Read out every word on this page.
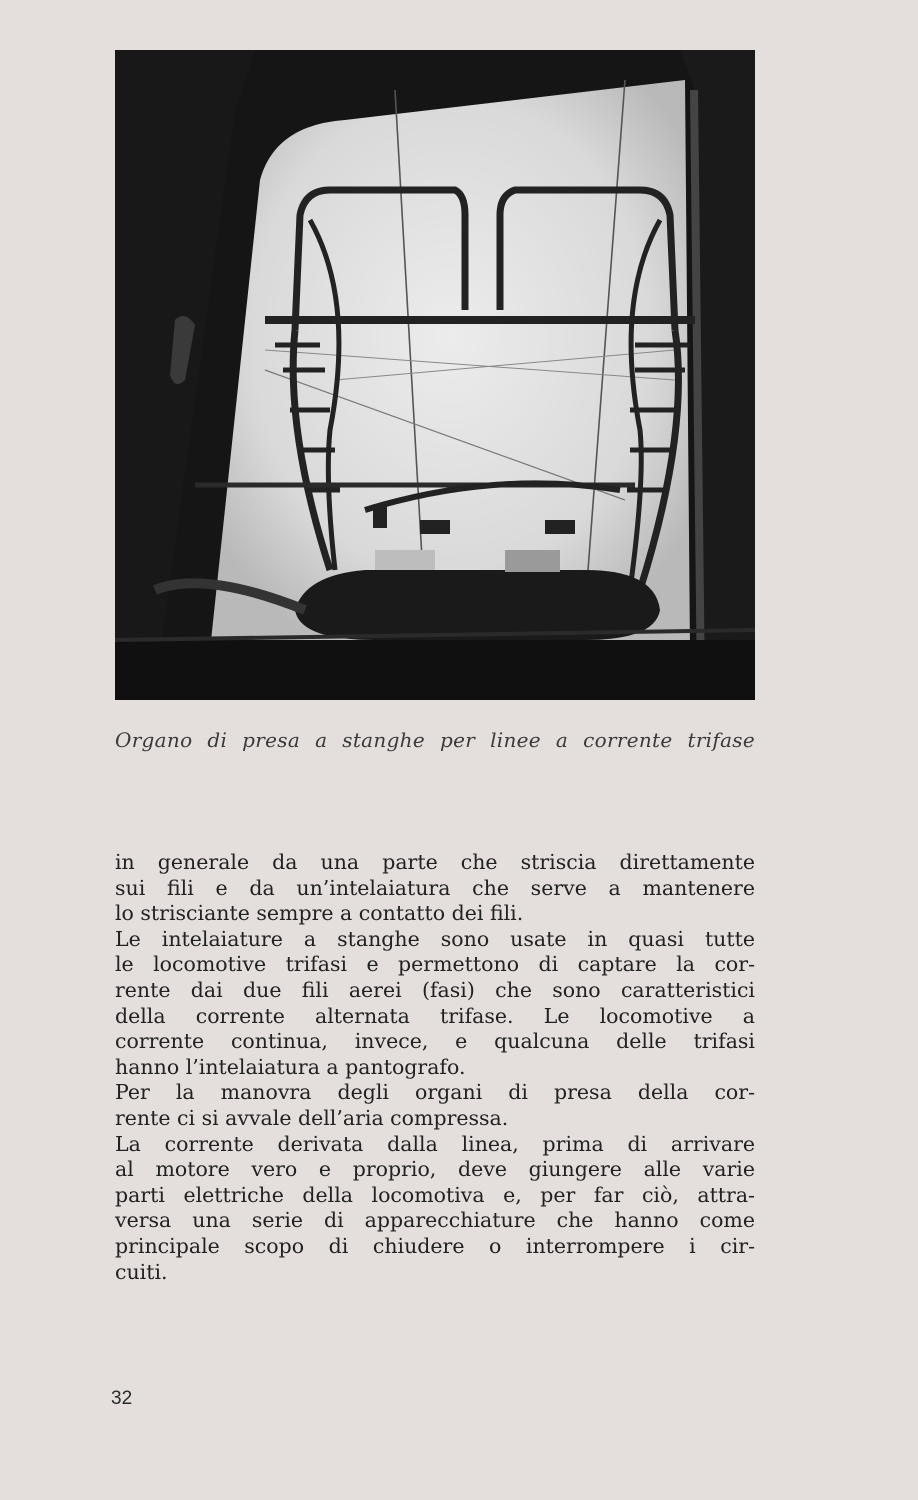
Organo di presa a stanghe per linee a corrente trifase
in generale da una parte che striscia direttamente
sui fili e da un’intelaiatura che serve a mantenere
lo strisciante sempre a contatto dei fili.
Le intelaiature a stanghe sono usate in quasi tutte
le locomotive trifasi e permettono di captare la cor-
rente dai due fili aerei (fasi) che sono caratteristici
della corrente alternata trifase. Le locomotive a
corrente continua, invece, e qualcuna delle trifasi
hanno l’intelaiatura a pantografo.
Per la manovra degli organi di presa della cor-
rente ci si avvale dell’aria compressa.
La corrente derivata dalla linea, prima di arrivare
al motore vero e proprio, deve giungere alle varie
parti elettriche della locomotiva e, per far ciò, attra-
versa una serie di apparecchiature che hanno come
principale scopo di chiudere o interrompere i cir-
cuiti.
32
